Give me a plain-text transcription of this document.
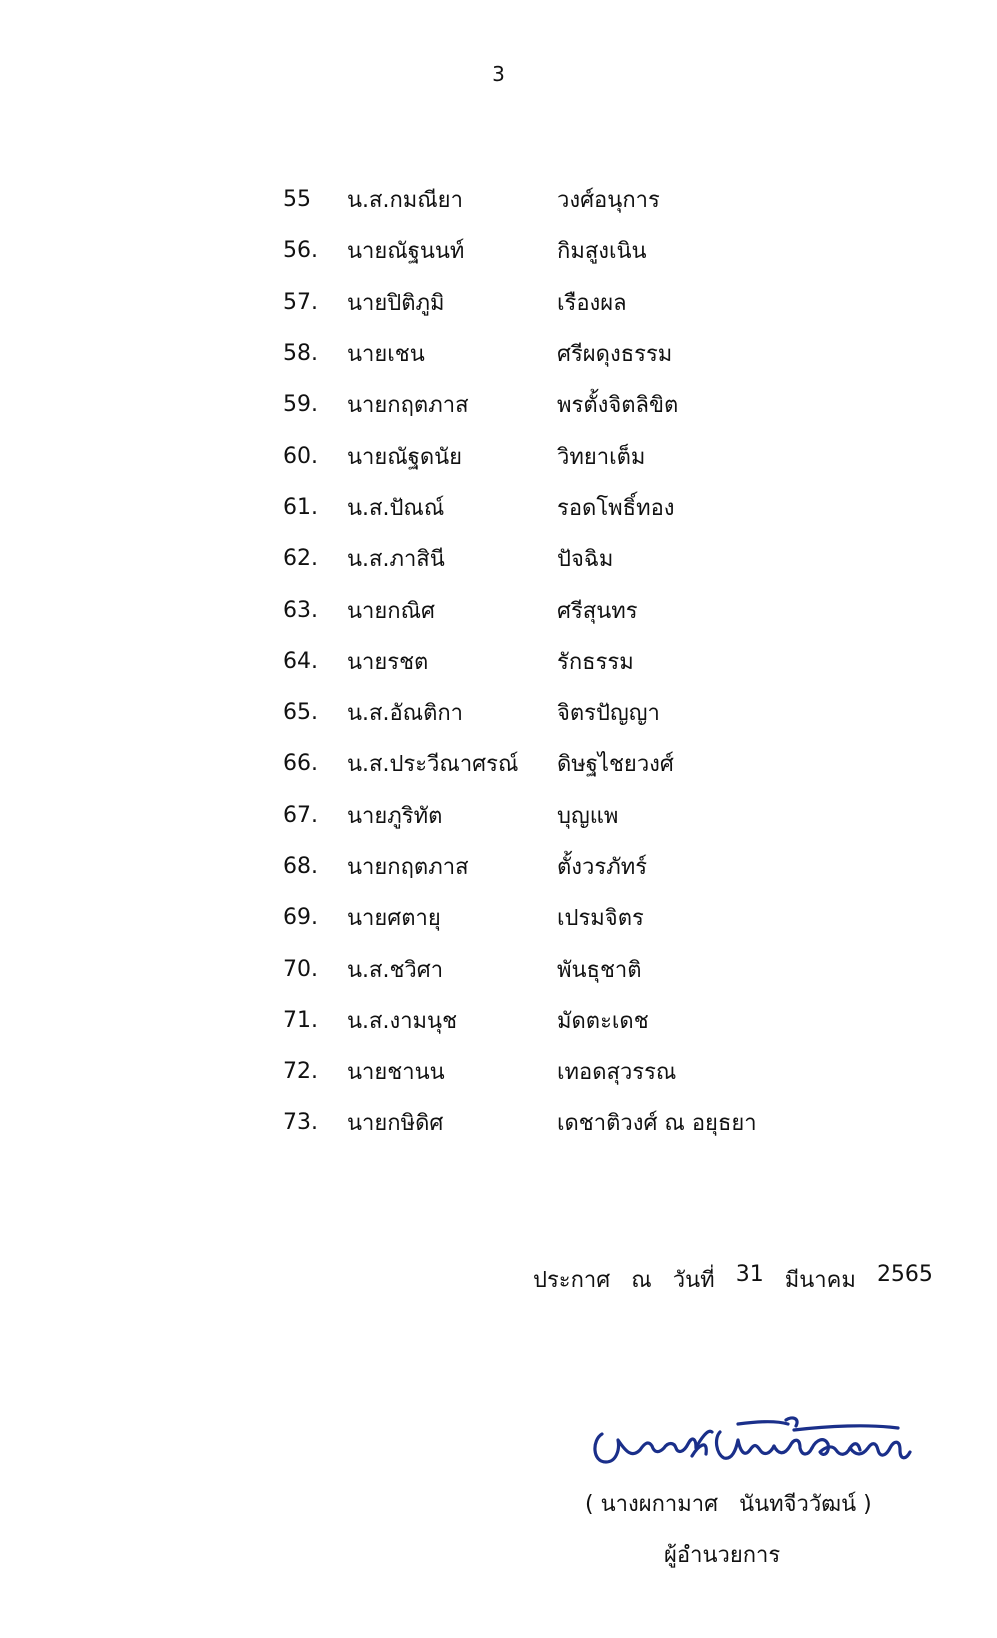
3
55	น.ส.กมณียา	วงศ์อนุการ
56.	นายณัฐนนท์	กิมสูงเนิน
57.	นายปิติภูมิ	เรืองผล
58.	นายเชน	ศรีผดุงธรรม
59.	นายกฤตภาส	พรตั้งจิตลิขิต
60.	นายณัฐดนัย	วิทยาเต็ม
61.	น.ส.ปัณณ์	รอดโพธิ์ทอง
62.	น.ส.ภาสินี	ปัจฉิม
63.	นายกณิศ	ศรีสุนทร
64.	นายรชต	รักธรรม
65.	น.ส.อัณติกา	จิตรปัญญา
66.	น.ส.ประวีณาศรณ์	ดิษฐไชยวงศ์
67.	นายภูริทัต	บุญแพ
68.	นายกฤตภาส	ตั้งวรภัทร์
69.	นายศตายุ	เปรมจิตร
70.	น.ส.ชวิศา	พันธุชาติ
71.	น.ส.งามนุช	มัดตะเดช
72.	นายชานน	เทอดสุวรรณ
73.	นายกษิดิศ	เดชาติวงศ์ ณ อยุธยา
ประกาศ ณ วันที่ 31 มีนาคม 2565
( นางผกามาศ   นันทจีววัฒน์ )
ผู้อำนวยการ
